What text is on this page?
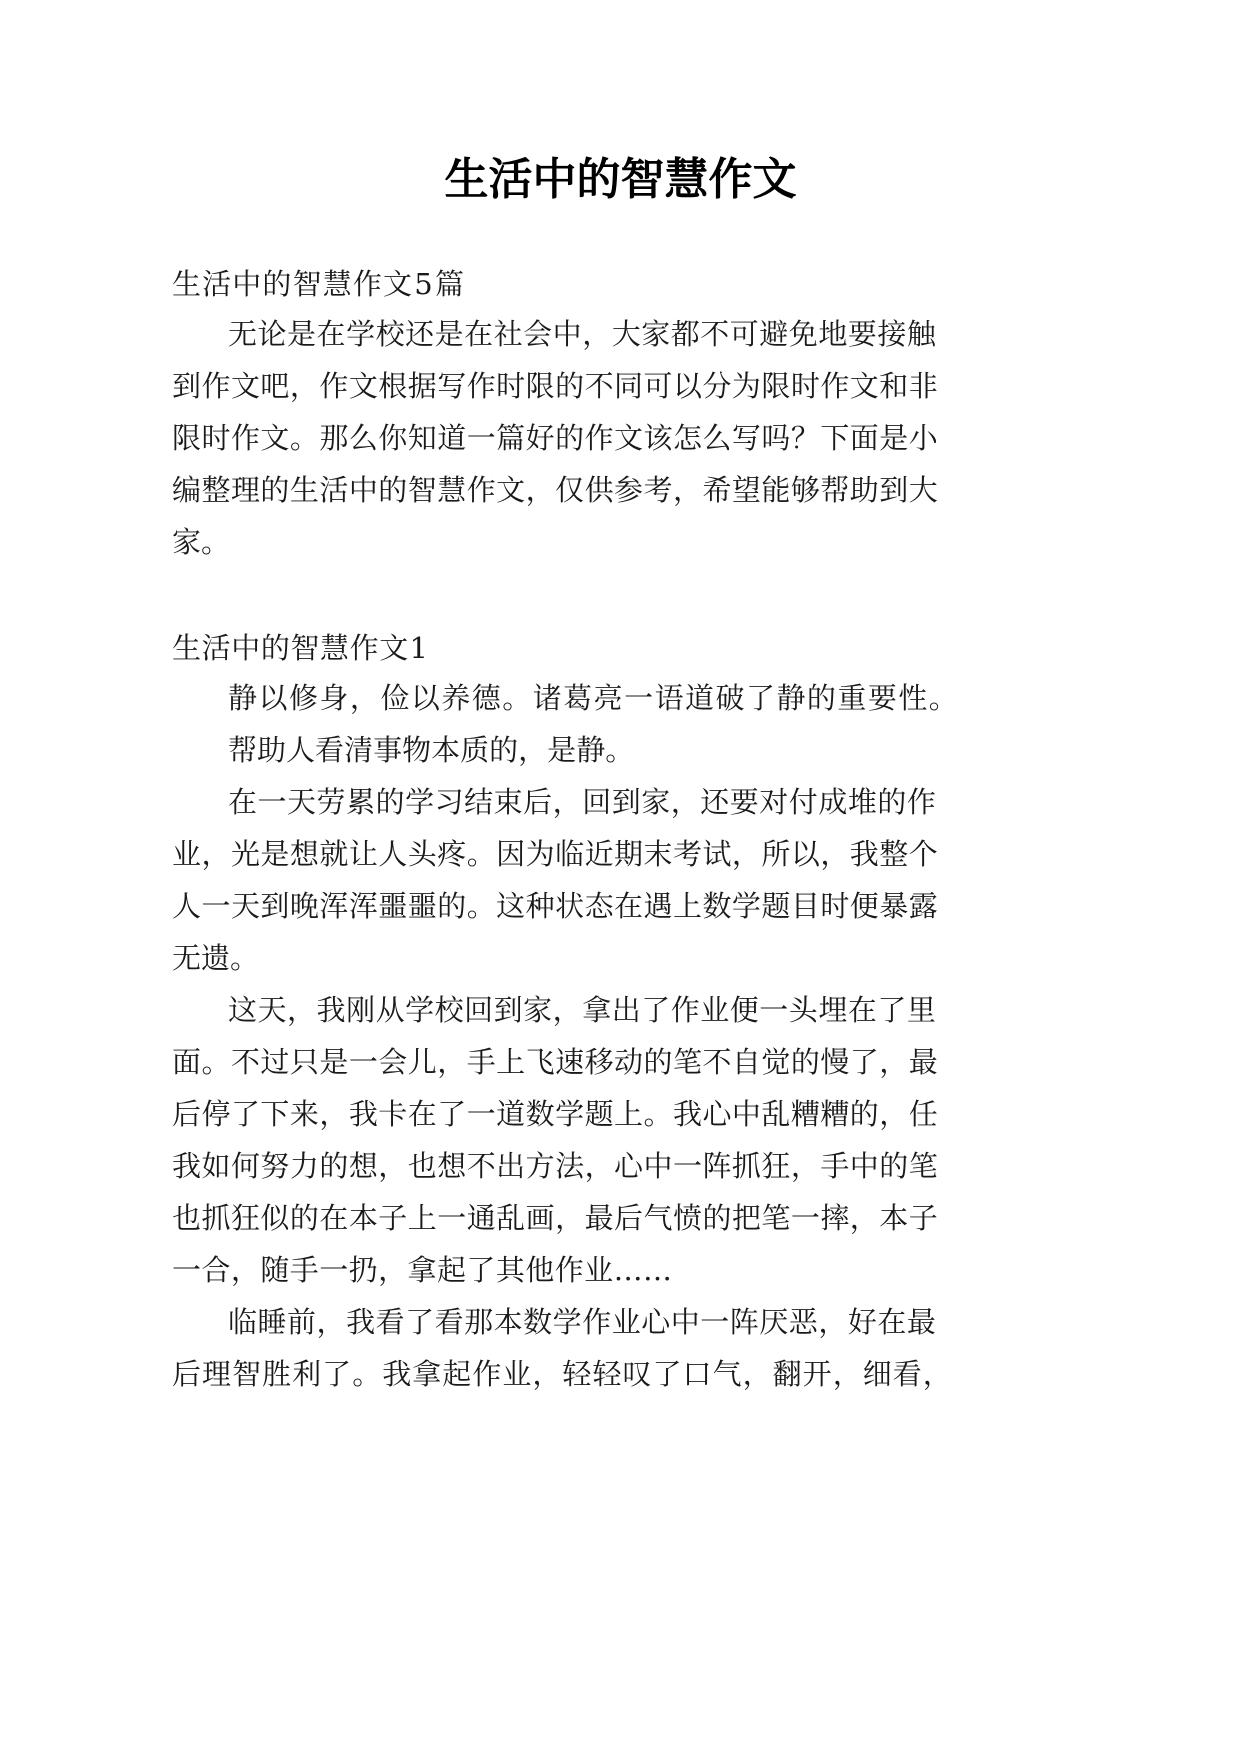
生活中的智慧作文
生 活 中 的 智 慧 作 文 5 篇
无 论 是 在 学 校 还 是 在 社 会 中 ， 大 家 都 不 可 避 免 地 要 接 触
到 作 文 吧 ， 作 文 根 据 写 作 时 限 的 不 同 可 以 分 为 限 时 作 文 和 非
限 时 作 文 。 那 么 你 知 道 一 篇 好 的 作 文 该 怎 么 写 吗 ？ 下 面 是 小
编 整 理 的 生 活 中 的 智 慧 作 文 ， 仅 供 参 考 ， 希 望 能 够 帮 助 到 大
家 。
生 活 中 的 智 慧 作 文 1
静 以 修 身 ， 俭 以 养 德 。 诸 葛 亮 一 语 道 破 了 静 的 重 要 性 。
帮 助 人 看 清 事 物 本 质 的 ， 是 静 。
在 一 天 劳 累 的 学 习 结 束 后 ， 回 到 家 ， 还 要 对 付 成 堆 的 作
业 ， 光 是 想 就 让 人 头 疼 。 因 为 临 近 期 末 考 试 ， 所 以 ， 我 整 个
人 一 天 到 晚 浑 浑 噩 噩 的 。 这 种 状 态 在 遇 上 数 学 题 目 时 便 暴 露
无 遗 。
这 天 ， 我 刚 从 学 校 回 到 家 ， 拿 出 了 作 业 便 一 头 埋 在 了 里
面 。 不 过 只 是 一 会 儿 ， 手 上 飞 速 移 动 的 笔 不 自 觉 的 慢 了 ， 最
后 停 了 下 来 ， 我 卡 在 了 一 道 数 学 题 上 。 我 心 中 乱 糟 糟 的 ， 任
我 如 何 努 力 的 想 ， 也 想 不 出 方 法 ， 心 中 一 阵 抓 狂 ， 手 中 的 笔
也 抓 狂 似 的 在 本 子 上 一 通 乱 画 ， 最 后 气 愤 的 把 笔 一 摔 ， 本 子
一 合 ， 随 手 一 扔 ， 拿 起 了 其 他 作 业 … …
临 睡 前 ， 我 看 了 看 那 本 数 学 作 业 心 中 一 阵 厌 恶 ， 好 在 最
后 理 智 胜 利 了 。 我 拿 起 作 业 ， 轻 轻 叹 了 口 气 ， 翻 开 ， 细 看 ，
